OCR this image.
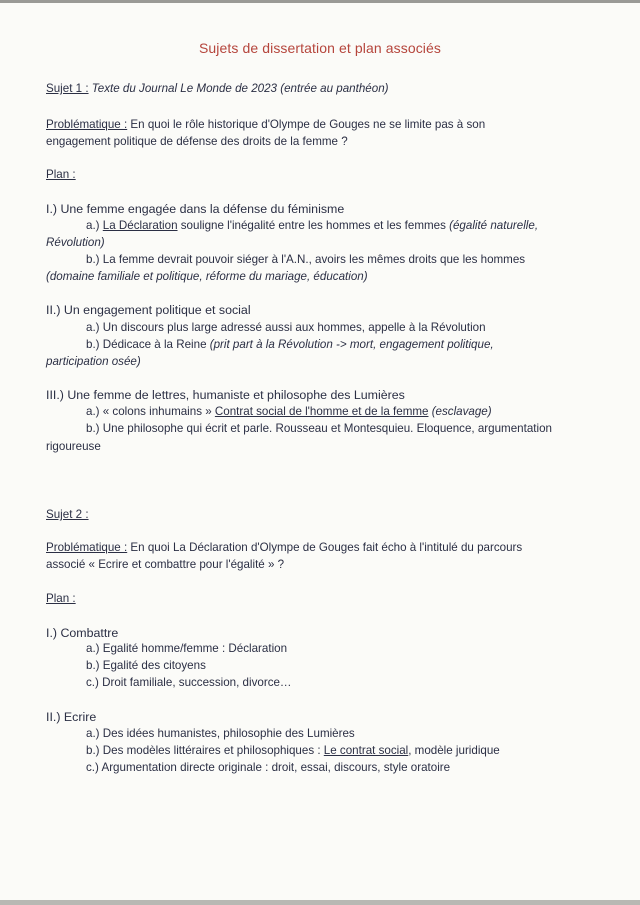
Sujets de dissertation et plan associés
Sujet 1 : Texte du Journal Le Monde de 2023 (entrée au panthéon)
Problématique : En quoi le rôle historique d'Olympe de Gouges ne se limite pas à son
engagement politique de défense des droits de la femme ?
Plan :
I.) Une femme engagée dans la défense du féminisme
a.) La Déclaration souligne l'inégalité entre les hommes et les femmes (égalité naturelle,
Révolution)
b.) La femme devrait pouvoir siéger à l'A.N., avoirs les mêmes droits que les hommes
(domaine familiale et politique, réforme du mariage, éducation)
II.) Un engagement politique et social
a.) Un discours plus large adressé aussi aux hommes, appelle à la Révolution
b.) Dédicace à la Reine (prit part à la Révolution -> mort, engagement politique,
participation osée)
III.) Une femme de lettres, humaniste et philosophe des Lumières
a.) « colons inhumains » Contrat social de l'homme et de la femme (esclavage)
b.) Une philosophe qui écrit et parle. Rousseau et Montesquieu. Eloquence, argumentation
rigoureuse
Sujet 2 :
Problématique : En quoi La Déclaration d'Olympe de Gouges fait écho à l'intitulé du parcours
associé « Ecrire et combattre pour l'égalité » ?
Plan :
I.) Combattre
a.) Egalité homme/femme : Déclaration
b.) Egalité des citoyens
c.) Droit familiale, succession, divorce…
II.) Ecrire
a.) Des idées humanistes, philosophie des Lumières
b.) Des modèles littéraires et philosophiques : Le contrat social, modèle juridique
c.) Argumentation directe originale : droit, essai, discours, style oratoire
